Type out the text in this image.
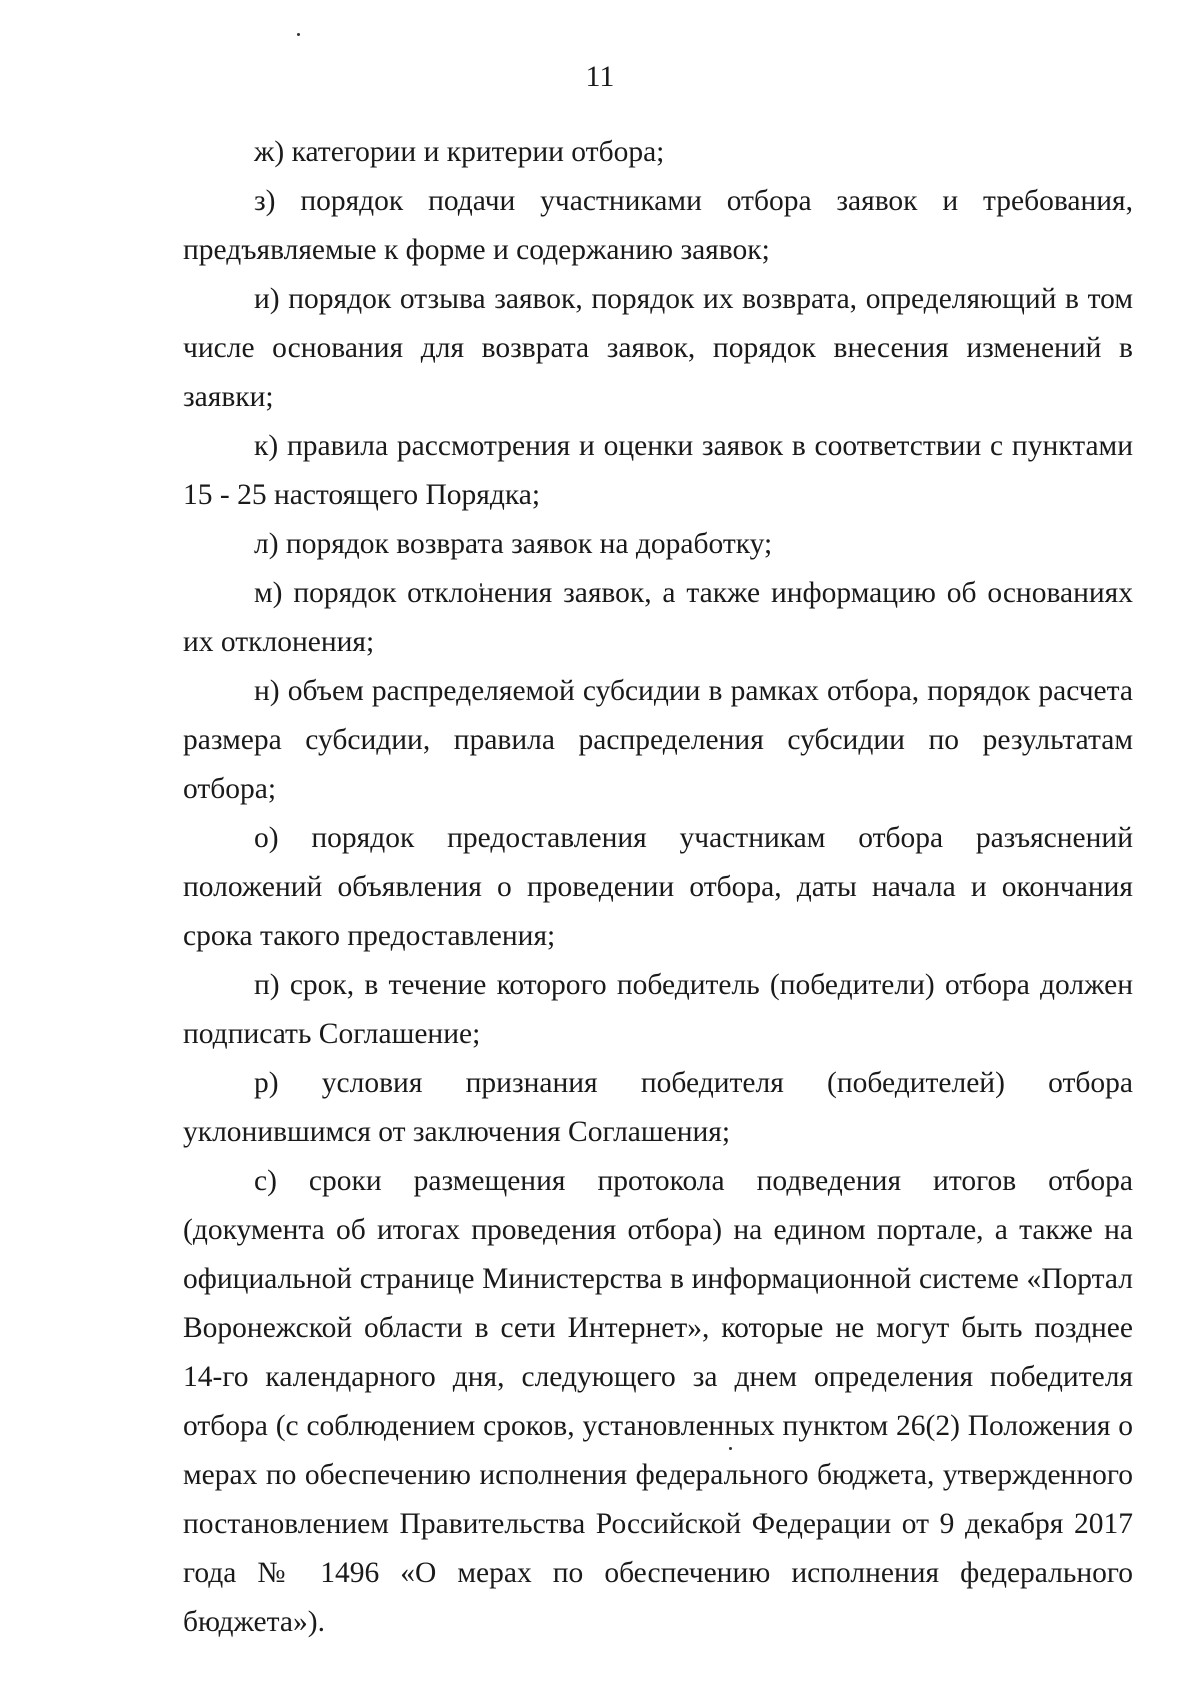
11

ж) категории и критерии отбора;

з) порядок подачи участниками отбора заявок и требования, предъявляемые к форме и содержанию заявок;

и) порядок отзыва заявок, порядок их возврата, определяющий в том числе основания для возврата заявок, порядок внесения изменений в заявки;

к) правила рассмотрения и оценки заявок в соответствии с пунктами 15 - 25 настоящего Порядка;

л) порядок возврата заявок на доработку;

м) порядок отклонения заявок, а также информацию об основаниях их отклонения;

н) объем распределяемой субсидии в рамках отбора, порядок расчета размера субсидии, правила распределения субсидии по результатам отбора;

о) порядок предоставления участникам отбора разъяснений положений объявления о проведении отбора, даты начала и окончания срока такого предоставления;

п) срок, в течение которого победитель (победители) отбора должен подписать Соглашение;

р) условия признания победителя (победителей) отбора уклонившимся от заключения Соглашения;

с) сроки размещения протокола подведения итогов отбора (документа об итогах проведения отбора) на едином портале, а также на официальной странице Министерства в информационной системе «Портал Воронежской области в сети Интернет», которые не могут быть позднее 14-го календарного дня, следующего за днем определения победителя отбора (с соблюдением сроков, установленных пунктом 26(2) Положения о мерах по обеспечению исполнения федерального бюджета, утвержденного постановлением Правительства Российской Федерации от 9 декабря 2017 года № 1496 «О мерах по обеспечению исполнения федерального бюджета»).
